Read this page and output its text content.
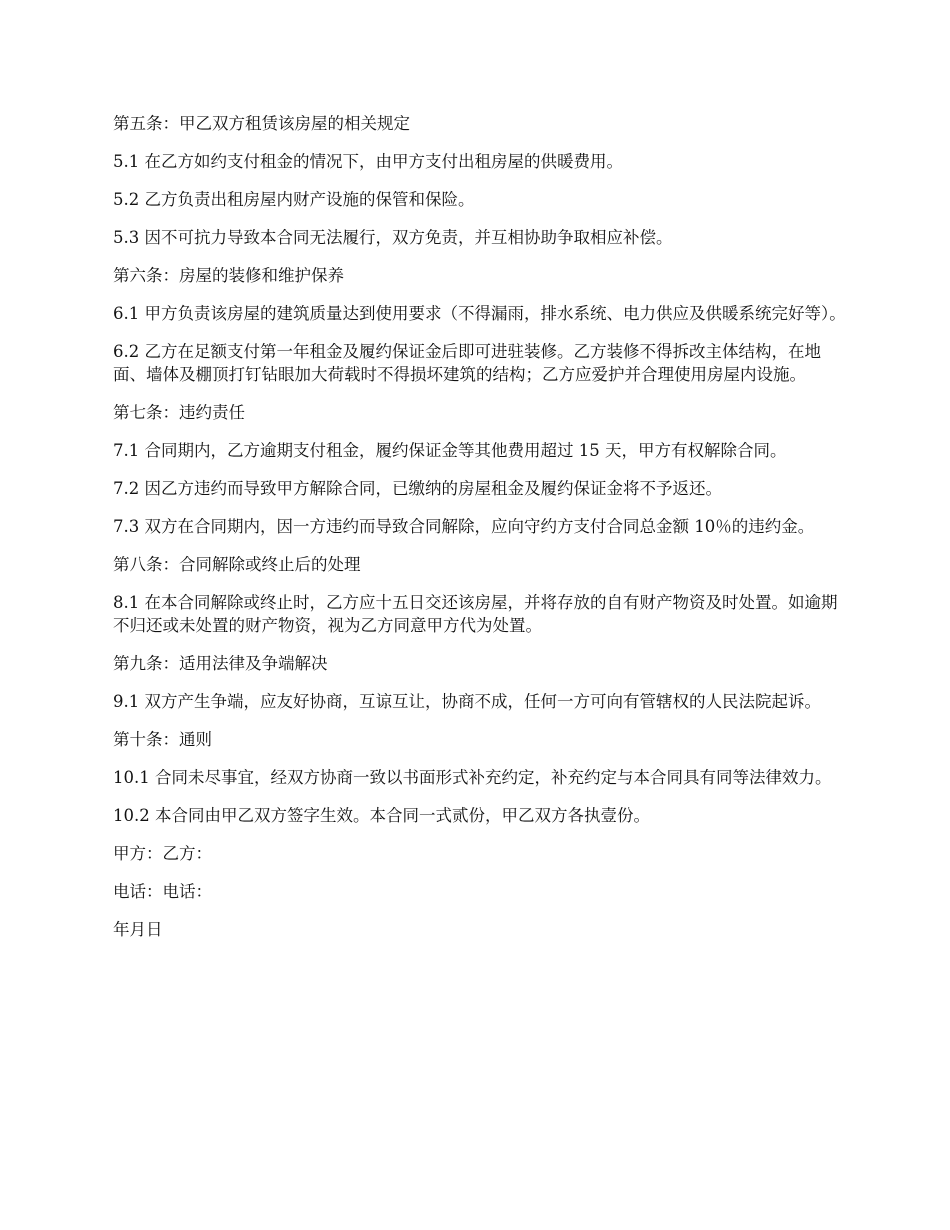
第五条：甲乙双方租赁该房屋的相关规定

5.1 在乙方如约支付租金的情况下，由甲方支付出租房屋的供暖费用。

5.2 乙方负责出租房屋内财产设施的保管和保险。

5.3 因不可抗力导致本合同无法履行，双方免责，并互相协助争取相应补偿。

第六条：房屋的装修和维护保养

6.1 甲方负责该房屋的建筑质量达到使用要求（不得漏雨，排水系统、电力供应及供暖系统完好等）。

6.2 乙方在足额支付第一年租金及履约保证金后即可进驻装修。乙方装修不得拆改主体结构，在地面、墙体及棚顶打钉钻眼加大荷载时不得损坏建筑的结构；乙方应爱护并合理使用房屋内设施。

第七条：违约责任

7.1 合同期内，乙方逾期支付租金，履约保证金等其他费用超过 15 天，甲方有权解除合同。

7.2 因乙方违约而导致甲方解除合同，已缴纳的房屋租金及履约保证金将不予返还。

7.3 双方在合同期内，因一方违约而导致合同解除，应向守约方支付合同总金额 10％的违约金。

第八条：合同解除或终止后的处理

8.1 在本合同解除或终止时，乙方应十五日交还该房屋，并将存放的自有财产物资及时处置。如逾期不归还或未处置的财产物资，视为乙方同意甲方代为处置。

第九条：适用法律及争端解决

9.1 双方产生争端，应友好协商，互谅互让，协商不成，任何一方可向有管辖权的人民法院起诉。

第十条：通则

10.1 合同未尽事宜，经双方协商一致以书面形式补充约定，补充约定与本合同具有同等法律效力。

10.2 本合同由甲乙双方签字生效。本合同一式贰份，甲乙双方各执壹份。

甲方：乙方：

电话：电话：

年月日
